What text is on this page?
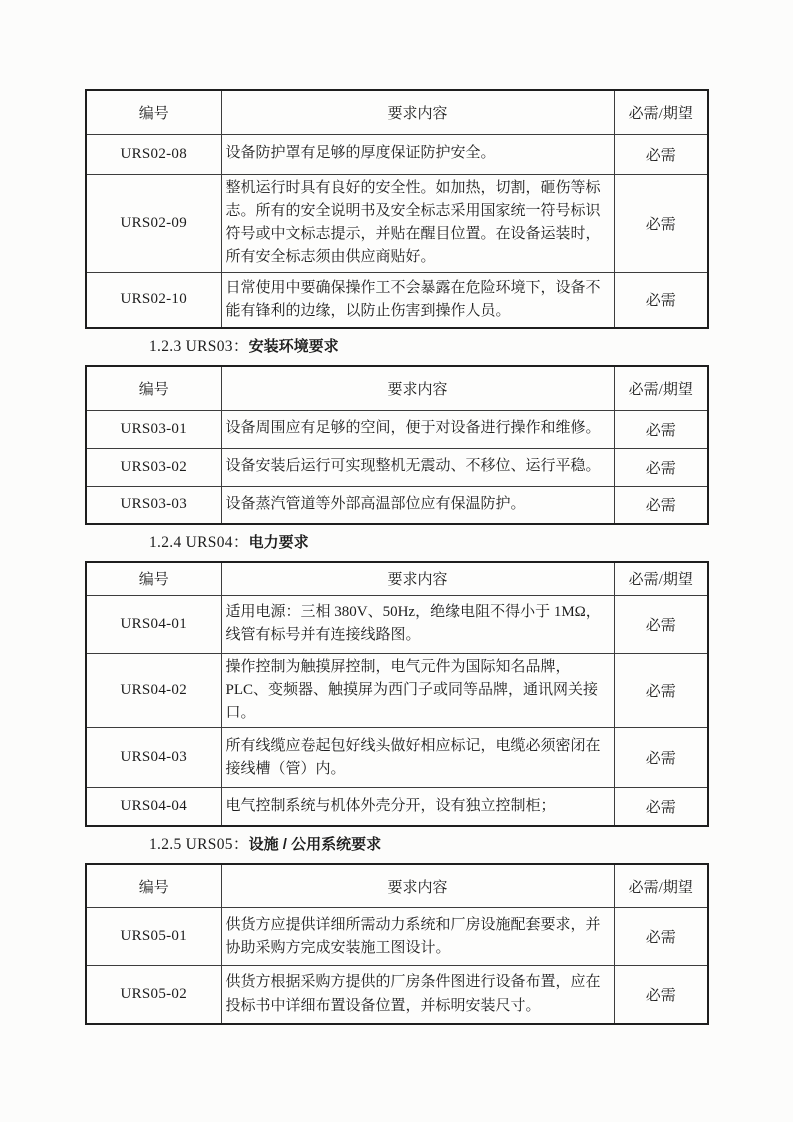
编号	要求内容	必需/期望
URS02-08	设备防护罩有足够的厚度保证防护安全。	必需
URS02-09	整机运行时具有良好的安全性。如加热，切割，砸伤等标志。所有的安全说明书及安全标志采用国家统一符号标识符号或中文标志提示，并贴在醒目位置。在设备运装时，所有安全标志须由供应商贴好。	必需
URS02-10	日常使用中要确保操作工不会暴露在危险环境下，设备不能有锋利的边缘，以防止伤害到操作人员。	必需
1.2.3 URS03：安装环境要求
编号	要求内容	必需/期望
URS03-01	设备周围应有足够的空间，便于对设备进行操作和维修。	必需
URS03-02	设备安装后运行可实现整机无震动、不移位、运行平稳。	必需
URS03-03	设备蒸汽管道等外部高温部位应有保温防护。	必需
1.2.4 URS04：电力要求
编号	要求内容	必需/期望
URS04-01	适用电源：三相 380V、50Hz，绝缘电阻不得小于 1MΩ，线管有标号并有连接线路图。	必需
URS04-02	操作控制为触摸屏控制，电气元件为国际知名品牌，PLC、变频器、触摸屏为西门子或同等品牌，通讯网关接口。	必需
URS04-03	所有线缆应卷起包好线头做好相应标记，电缆必须密闭在接线槽（管）内。	必需
URS04-04	电气控制系统与机体外壳分开，设有独立控制柜；	必需
1.2.5 URS05：设施 / 公用系统要求
编号	要求内容	必需/期望
URS05-01	供货方应提供详细所需动力系统和厂房设施配套要求，并协助采购方完成安装施工图设计。	必需
URS05-02	供货方根据采购方提供的厂房条件图进行设备布置，应在投标书中详细布置设备位置，并标明安装尺寸。	必需
